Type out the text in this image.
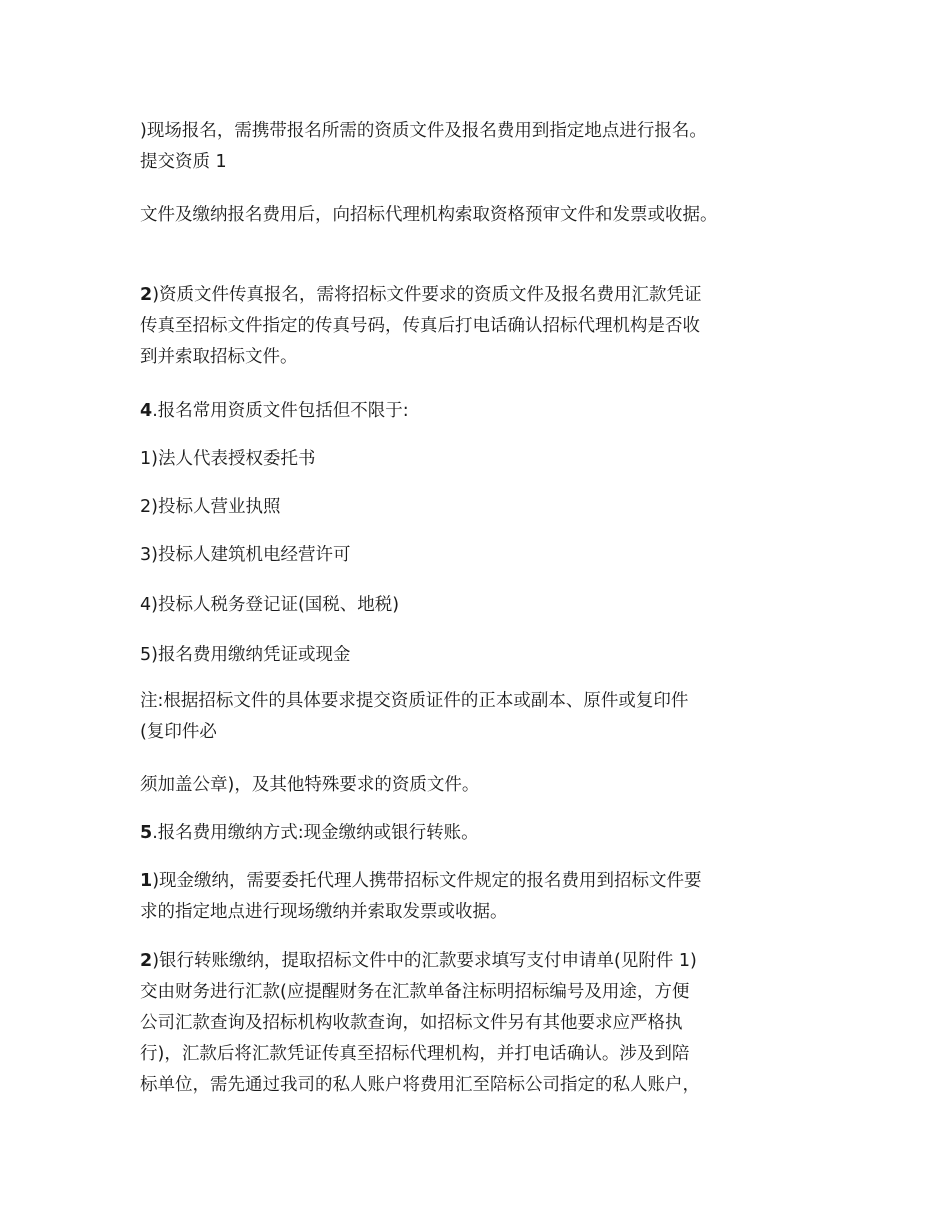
)现场报名，需携带报名所需的资质文件及报名费用到指定地点进行报名。
提交资质 1
文件及缴纳报名费用后，向招标代理机构索取资格预审文件和发票或收据。
2)资质文件传真报名，需将招标文件要求的资质文件及报名费用汇款凭证
传真至招标文件指定的传真号码，传真后打电话确认招标代理机构是否收
到并索取招标文件。
4.报名常用资质文件包括但不限于:
1)法人代表授权委托书
2)投标人营业执照
3)投标人建筑机电经营许可
4)投标人税务登记证(国税、地税)
5)报名费用缴纳凭证或现金
注:根据招标文件的具体要求提交资质证件的正本或副本、原件或复印件
(复印件必
须加盖公章)，及其他特殊要求的资质文件。
5.报名费用缴纳方式:现金缴纳或银行转账。
1)现金缴纳，需要委托代理人携带招标文件规定的报名费用到招标文件要
求的指定地点进行现场缴纳并索取发票或收据。
2)银行转账缴纳，提取招标文件中的汇款要求填写支付申请单(见附件 1)
交由财务进行汇款(应提醒财务在汇款单备注标明招标编号及用途，方便
公司汇款查询及招标机构收款查询，如招标文件另有其他要求应严格执
行)，汇款后将汇款凭证传真至招标代理机构，并打电话确认。涉及到陪
标单位，需先通过我司的私人账户将费用汇至陪标公司指定的私人账户，
